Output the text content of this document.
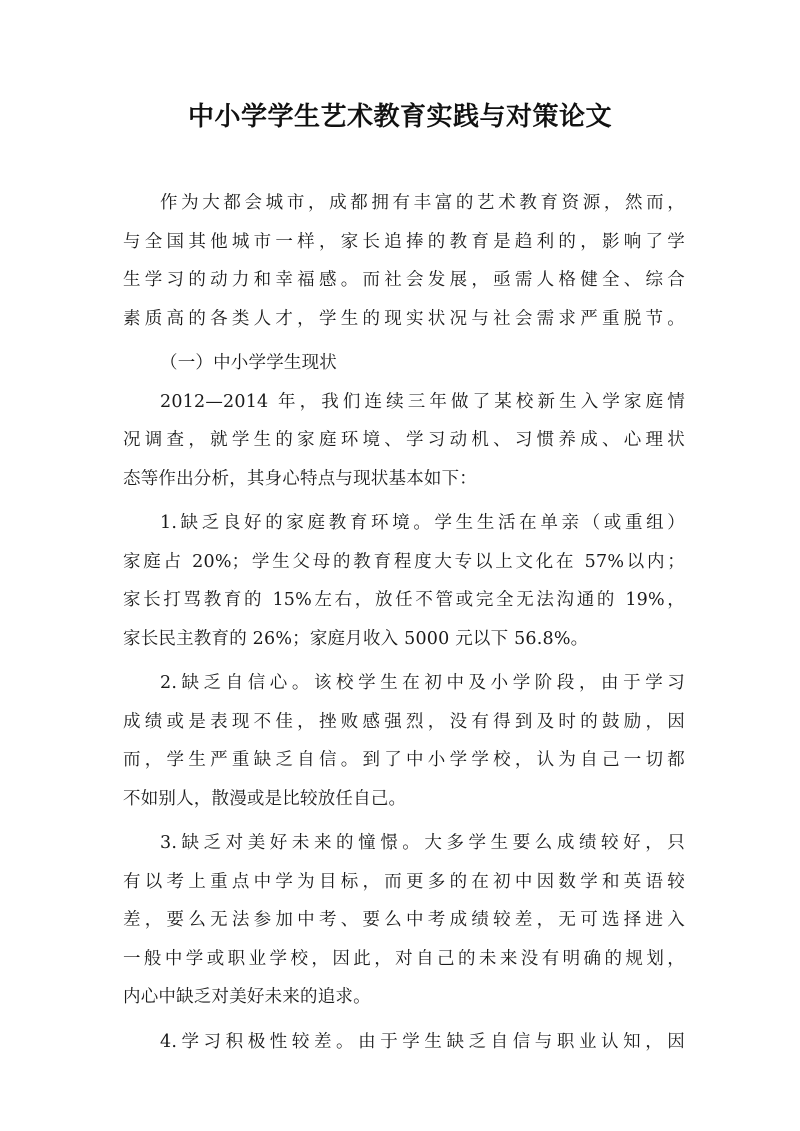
中小学学生艺术教育实践与对策论文
作为大都会城市，成都拥有丰富的艺术教育资源，然而，
与全国其他城市一样，家长追捧的教育是趋利的，影响了学
生学习的动力和幸福感。而社会发展，亟需人格健全、综合
素质高的各类人才，学生的现实状况与社会需求严重脱节。
（一）中小学学生现状
2012—2014 年，我们连续三年做了某校新生入学家庭情
况调查，就学生的家庭环境、学习动机、习惯养成、心理状
态等作出分析，其身心特点与现状基本如下：
1.缺乏良好的家庭教育环境。学生生活在单亲（或重组）
家庭占 20%；学生父母的教育程度大专以上文化在 57%以内；
家长打骂教育的 15%左右，放任不管或完全无法沟通的 19%，
家长民主教育的 26%；家庭月收入 5000 元以下 56.8%。
2.缺乏自信心。该校学生在初中及小学阶段，由于学习
成绩或是表现不佳，挫败感强烈，没有得到及时的鼓励，因
而，学生严重缺乏自信。到了中小学学校，认为自己一切都
不如别人，散漫或是比较放任自己。
3.缺乏对美好未来的憧憬。大多学生要么成绩较好，只
有以考上重点中学为目标，而更多的在初中因数学和英语较
差，要么无法参加中考、要么中考成绩较差，无可选择进入
一般中学或职业学校，因此，对自己的未来没有明确的规划，
内心中缺乏对美好未来的追求。
4.学习积极性较差。由于学生缺乏自信与职业认知，因
